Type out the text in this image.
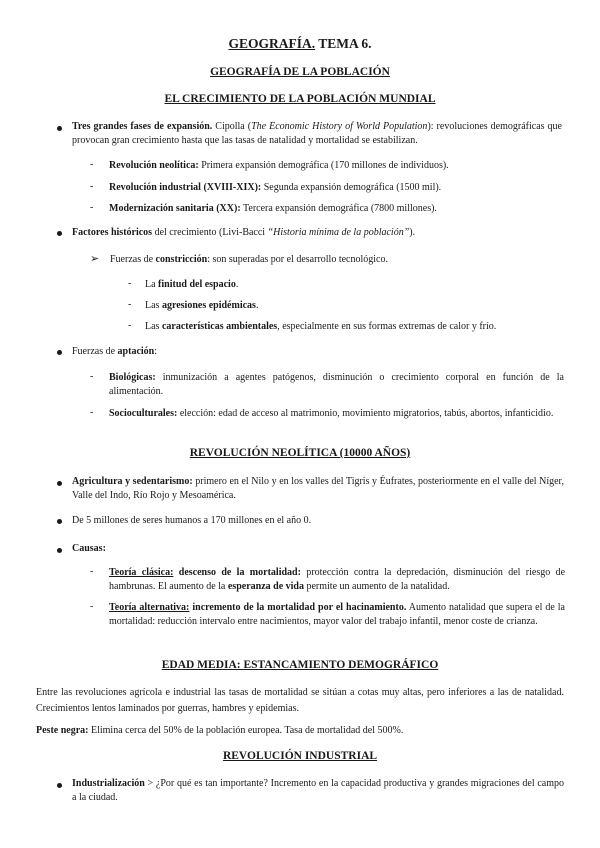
GEOGRAFÍA. TEMA 6.
GEOGRAFÍA DE LA POBLACIÓN
EL CRECIMIENTO DE LA POBLACIÓN MUNDIAL
Tres grandes fases de expansión. Cipolla (The Economic History of World Population): revoluciones demográficas que provocan gran crecimiento hasta que las tasas de natalidad y mortalidad se estabilizan.
- Revolución neolítica: Primera expansión demográfica (170 millones de individuos).
- Revolución industrial (XVIII-XIX): Segunda expansión demográfica (1500 mil).
- Modernización sanitaria (XX): Tercera expansión demográfica (7800 millones).
Factores históricos del crecimiento (Livi-Bacci “Historia mínima de la población”).
➢ Fuerzas de constricción: son superadas por el desarrollo tecnológico.
- La finitud del espacio.
- Las agresiones epidémicas.
- Las características ambientales, especialmente en sus formas extremas de calor y frío.
Fuerzas de aptación:
- Biológicas: inmunización a agentes patógenos, disminución o crecimiento corporal en función de la alimentación.
- Socioculturales: elección: edad de acceso al matrimonio, movimiento migratorios, tabús, abortos, infanticidio.
REVOLUCIÓN NEOLÍTICA (10000 AÑOS)
Agricultura y sedentarismo: primero en el Nilo y en los valles del Tigris y Éufrates, posteriormente en el valle del Níger, Valle del Indo, Río Rojo y Mesoamérica.
De 5 millones de seres humanos a 170 millones en el año 0.
Causas:
- Teoría clásica: descenso de la mortalidad: protección contra la depredación, disminución del riesgo de hambrunas. El aumento de la esperanza de vida permite un aumento de la natalidad.
- Teoría alternativa: incremento de la mortalidad por el hacinamiento. Aumento natalidad que supera el de la mortalidad: reducción intervalo entre nacimientos, mayor valor del trabajo infantil, menor coste de crianza.
EDAD MEDIA: ESTANCAMIENTO DEMOGRÁFICO
Entre las revoluciones agrícola e industrial las tasas de mortalidad se sitúan a cotas muy altas, pero inferiores a las de natalidad. Crecimientos lentos laminados por guerras, hambres y epidemias.
Peste negra: Elimina cerca del 50% de la población europea. Tasa de mortalidad del 500%.
REVOLUCIÓN INDUSTRIAL
Industrialización > ¿Por qué es tan importante? Incremento en la capacidad productiva y grandes migraciones del campo a la ciudad.
